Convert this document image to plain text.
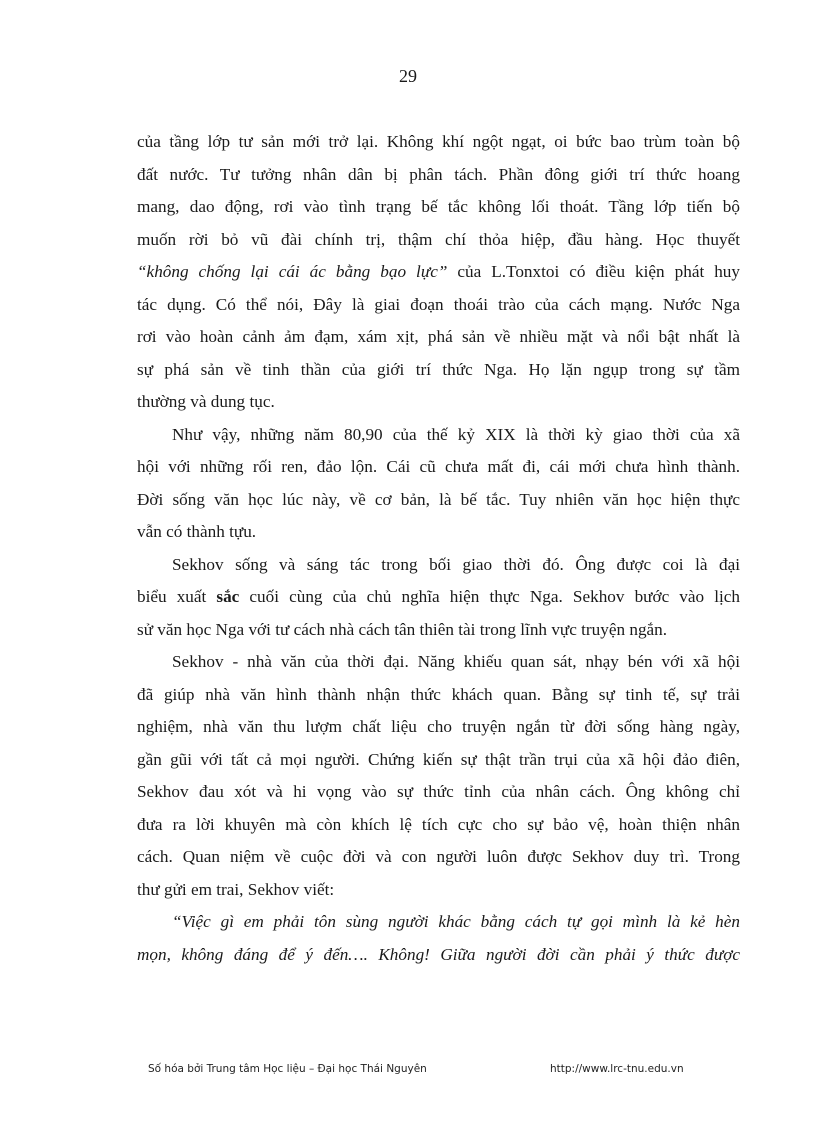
29
của tầng lớp tư sản mới trở lại. Không khí ngột ngạt, oi bức bao trùm toàn bộ
đất nước. Tư tưởng nhân dân bị phân tách. Phần đông giới trí thức hoang
mang, dao động, rơi vào tình trạng bế tắc không lối thoát. Tầng lớp tiến bộ
muốn rời bỏ vũ đài chính trị, thậm chí thỏa hiệp, đầu hàng. Học thuyết
“không chống lại cái ác bằng bạo lực” của L.Tonxtoi có điều kiện phát huy
tác dụng. Có thể nói, Đây là giai đoạn thoái trào của cách mạng. Nước Nga
rơi vào hoàn cảnh ảm đạm, xám xịt, phá sản về nhiều mặt và nổi bật nhất là
sự phá sản về tinh thần của giới trí thức Nga. Họ lặn ngụp trong sự tầm
thường và dung tục.
Như vậy, những năm 80,90 của thế kỷ XIX là thời kỳ giao thời của xã
hội với những rối ren, đảo lộn. Cái cũ chưa mất đi, cái mới chưa hình thành.
Đời sống văn học lúc này, về cơ bản, là bế tắc. Tuy nhiên văn học hiện thực
vẫn có thành tựu.
Sekhov sống và sáng tác trong bối giao thời đó. Ông được coi là đại
biểu xuất sắc cuối cùng của chủ nghĩa hiện thực Nga. Sekhov bước vào lịch
sử văn học Nga với tư cách nhà cách tân thiên tài trong lĩnh vực truyện ngắn.
Sekhov - nhà văn của thời đại. Năng khiếu quan sát, nhạy bén với xã hội
đã giúp nhà văn hình thành nhận thức khách quan. Bằng sự tinh tế, sự trải
nghiệm, nhà văn thu lượm chất liệu cho truyện ngắn từ đời sống hàng ngày,
gần gũi với tất cả mọi người. Chứng kiến sự thật trần trụi của xã hội đảo điên,
Sekhov đau xót và hi vọng vào sự thức tỉnh của nhân cách. Ông không chỉ
đưa ra lời khuyên mà còn khích lệ tích cực cho sự bảo vệ, hoàn thiện nhân
cách. Quan niệm về cuộc đời và con người luôn được Sekhov duy trì. Trong
thư gửi em trai, Sekhov viết:
“Việc gì em phải tôn sùng người khác bằng cách tự gọi mình là kẻ hèn
mọn, không đáng để ý đến…. Không! Giữa người đời cần phải ý thức được
Số hóa bởi Trung tâm Học liệu – Đại học Thái Nguyên	http://www.lrc-tnu.edu.vn
